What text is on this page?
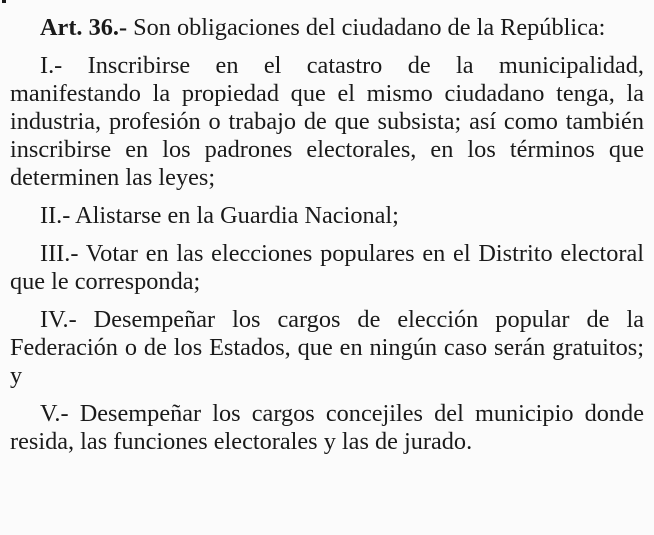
Art. 36.- Son obligaciones del ciudadano de la República:

I.- Inscribirse en el catastro de la municipalidad, manifestando la propiedad que el mismo ciudadano tenga, la industria, profesión o trabajo de que subsista; así como también inscribirse en los padrones electorales, en los términos que determinen las leyes;

II.- Alistarse en la Guardia Nacional;

III.- Votar en las elecciones populares en el Distrito electoral que le corresponda;

IV.- Desempeñar los cargos de elección popular de la Federación o de los Estados, que en ningún caso serán gratuitos; y

V.- Desempeñar los cargos concejiles del municipio donde resida, las funciones electorales y las de jurado.
